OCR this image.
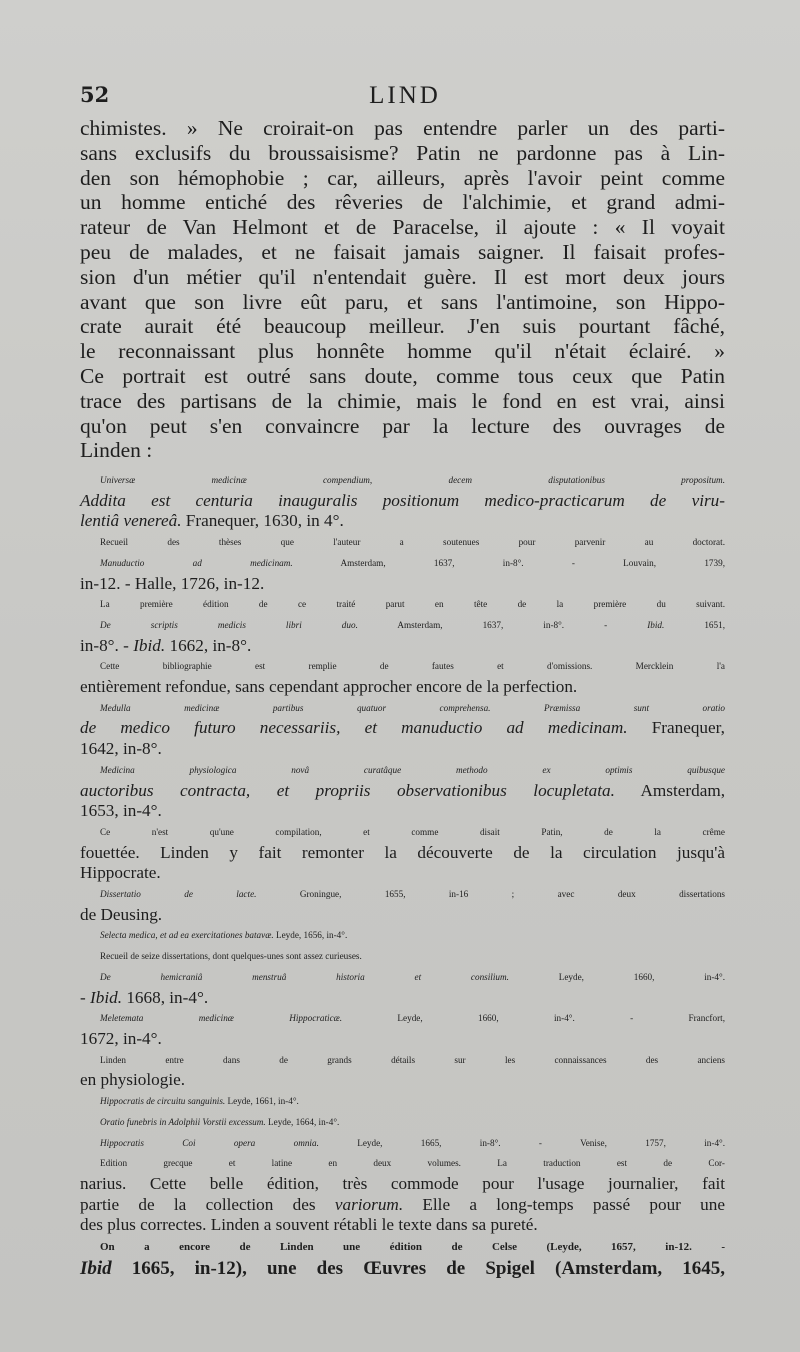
52	LIND
chimistes. » Ne croirait-on pas entendre parler un des parti-
sans exclusifs du broussaisisme? Patin ne pardonne pas à Lin-
den son hémophobie ; car, ailleurs, après l'avoir peint comme
un homme entiché des rêveries de l'alchimie, et grand admi-
rateur de Van Helmont et de Paracelse, il ajoute : « Il voyait
peu de malades, et ne faisait jamais saigner. Il faisait profes-
sion d'un métier qu'il n'entendait guère. Il est mort deux jours
avant que son livre eût paru, et sans l'antimoine, son Hippo-
crate aurait été beaucoup meilleur. J'en suis pourtant fâché,
le reconnaissant plus honnête homme qu'il n'était éclairé. »
Ce portrait est outré sans doute, comme tous ceux que Patin
trace des partisans de la chimie, mais le fond en est vrai, ainsi
qu'on peut s'en convaincre par la lecture des ouvrages de
Linden :
Universæ medicinæ compendium, decem disputationibus propositum.
Addita est centuria inauguralis positionum medico-practicarum de viru-
lentiâ venereâ. Franequer, 1630, in 4°.
Recueil des thèses que l'auteur a soutenues pour parvenir au doctorat.
Manuductio ad medicinam. Amsterdam, 1637, in-8°. - Louvain, 1739,
in-12. - Halle, 1726, in-12.
La première édition de ce traité parut en tête de la première du suivant.
De scriptis medicis libri duo. Amsterdam, 1637, in-8°. - Ibid. 1651,
in-8°. - Ibid. 1662, in-8°.
Cette bibliographie est remplie de fautes et d'omissions. Mercklein l'a
entièrement refondue, sans cependant approcher encore de la perfection.
Medulla medicinæ partibus quatuor comprehensa. Præmissa sunt oratio
de medico futuro necessariis, et manuductio ad medicinam. Franequer,
1642, in-8°.
Medicina physiologica novâ curatâque methodo ex optimis quibusque
auctoribus contracta, et propriis observationibus locupletata. Amsterdam,
1653, in-4°.
Ce n'est qu'une compilation, et comme disait Patin, de la crême
fouettée. Linden y fait remonter la découverte de la circulation jusqu'à
Hippocrate.
Dissertatio de lacte. Groningue, 1655, in-16 ; avec deux dissertations
de Deusing.
Selecta medica, et ad ea exercitationes batavæ. Leyde, 1656, in-4°.
Recueil de seize dissertations, dont quelques-unes sont assez curieuses.
De hemicraniâ menstruâ historia et consilium. Leyde, 1660, in-4°.
- Ibid. 1668, in-4°.
Meletemata medicinæ Hippocraticæ. Leyde, 1660, in-4°. - Francfort,
1672, in-4°.
Linden entre dans de grands détails sur les connaissances des anciens
en physiologie.
Hippocratis de circuitu sanguinis. Leyde, 1661, in-4°.
Oratio funebris in Adolphii Vorstii excessum. Leyde, 1664, in-4°.
Hippocratis Coi opera omnia. Leyde, 1665, in-8°. - Venise, 1757, in-4°.
Edition grecque et latine en deux volumes. La traduction est de Cor-
narius. Cette belle édition, très commode pour l'usage journalier, fait
partie de la collection des variorum. Elle a long-temps passé pour une
des plus correctes. Linden a souvent rétabli le texte dans sa pureté.
On a encore de Linden une édition de Celse (Leyde, 1657, in-12. -
Ibid 1665, in-12), une des Œuvres de Spigel (Amsterdam, 1645,
